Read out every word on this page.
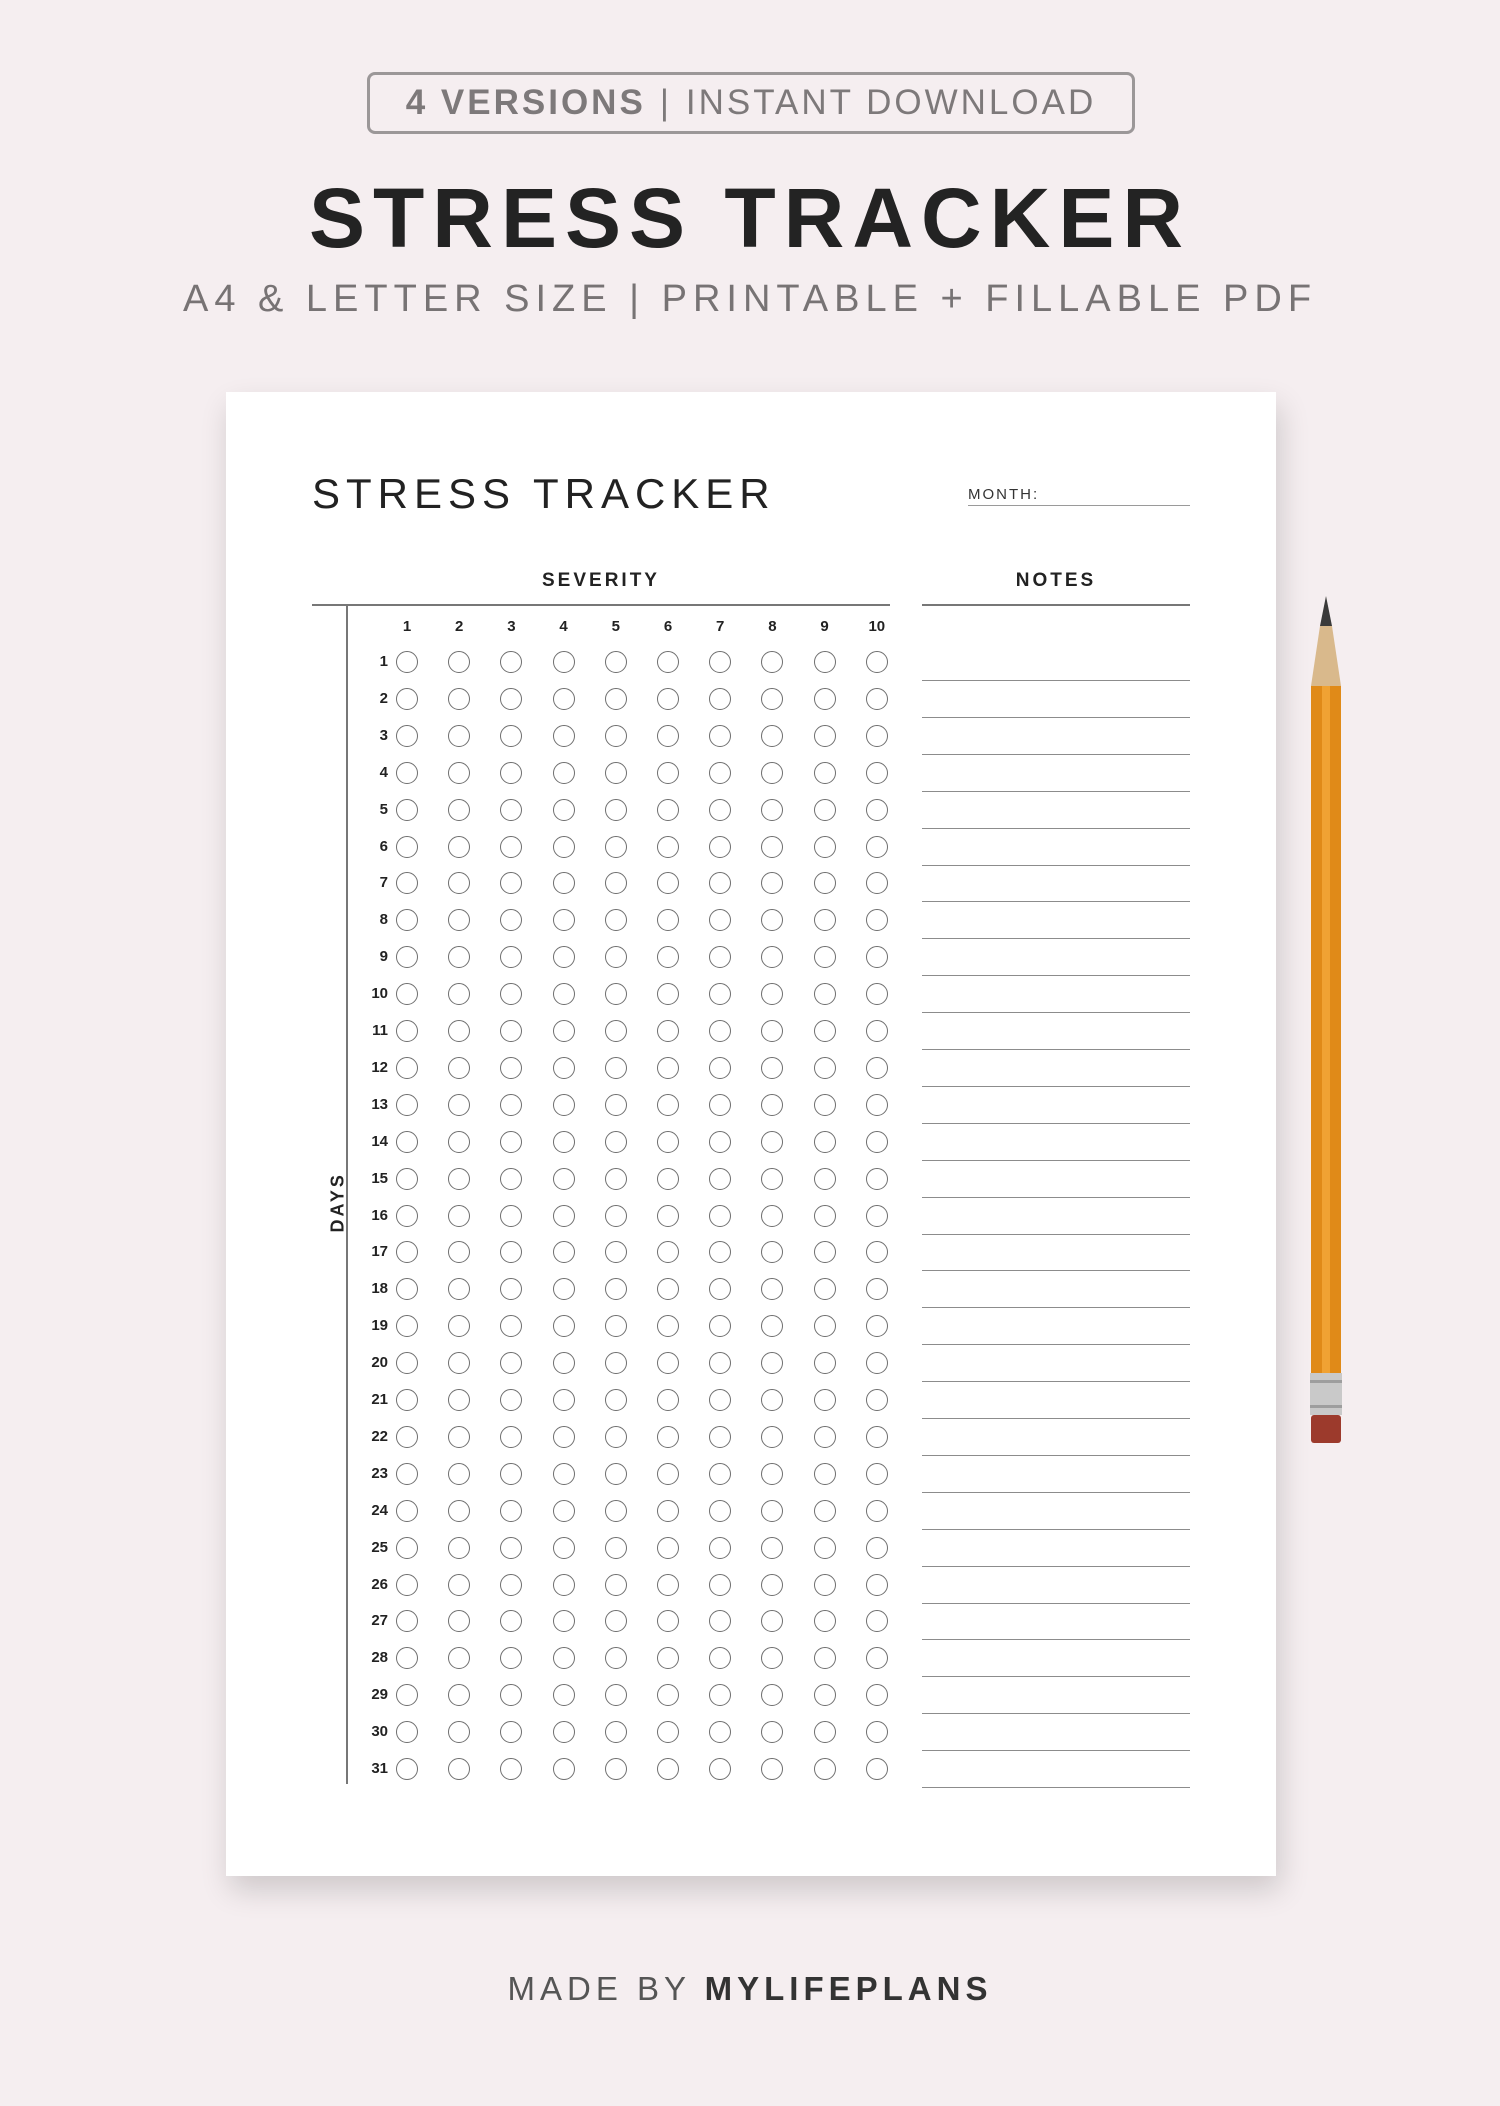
4 VERSIONS | INSTANT DOWNLOAD
STRESS TRACKER
A4 & LETTER SIZE | PRINTABLE + FILLABLE PDF
STRESS TRACKER	MONTH:
SEVERITY	NOTES
DAYS
1	2	3	4	5	6	7	8	9	10
1
2
3
4
5
6
7
8
9
10
11
12
13
14
15
16
17
18
19
20
21
22
23
24
25
26
27
28
29
30
31
MADE BY MYLIFEPLANS
